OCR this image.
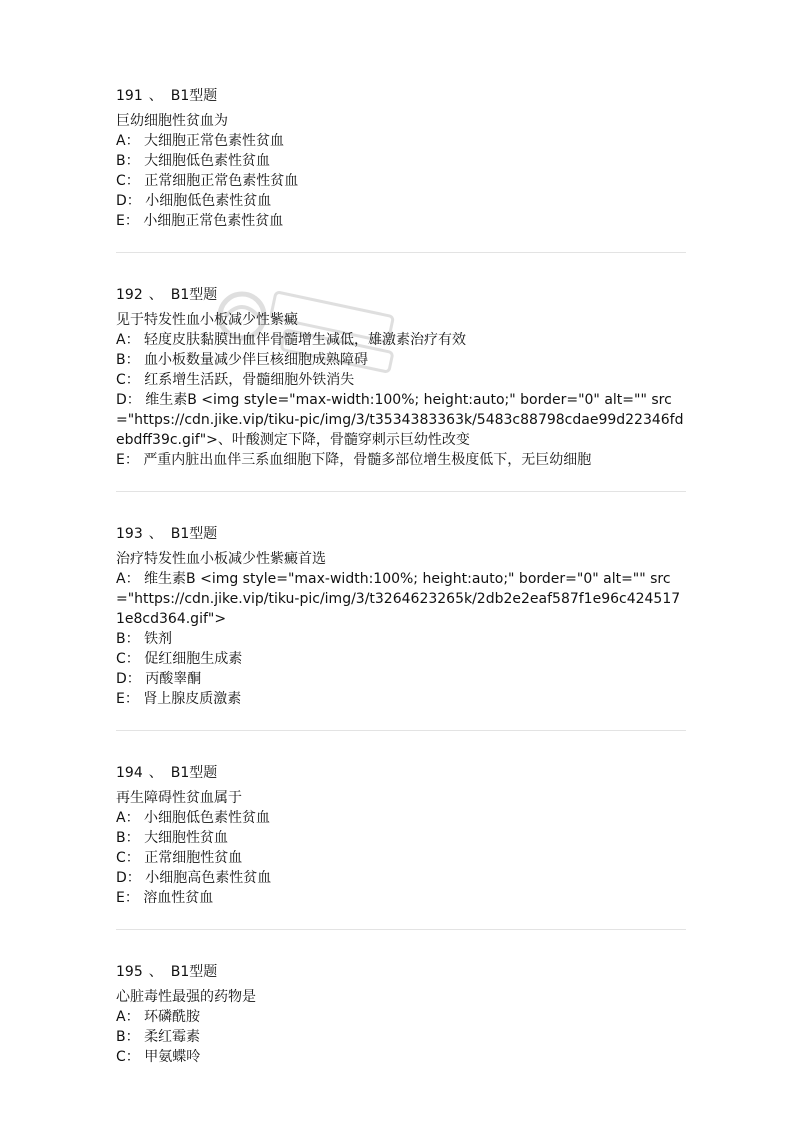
191 、 B1型题
巨幼细胞性贫血为
A： 大细胞正常色素性贫血
B： 大细胞低色素性贫血
C： 正常细胞正常色素性贫血
D： 小细胞低色素性贫血
E： 小细胞正常色素性贫血
192 、 B1型题
见于特发性血小板减少性紫癜
A： 轻度皮肤黏膜出血伴骨髓增生减低，雄激素治疗有效
B： 血小板数量减少伴巨核细胞成熟障碍
C： 红系增生活跃，骨髓细胞外铁消失
D： 维生素B <img style="max-width:100%; height:auto;" border="0" alt="" src="https://cdn.jike.vip/tiku-pic/img/3/t3534383363k/5483c88798cdae99d22346fdebdff39c.gif">、叶酸测定下降，骨髓穿刺示巨幼性改变
E： 严重内脏出血伴三系血细胞下降，骨髓多部位增生极度低下，无巨幼细胞
193 、 B1型题
治疗特发性血小板减少性紫癜首选
A： 维生素B <img style="max-width:100%; height:auto;" border="0" alt="" src="https://cdn.jike.vip/tiku-pic/img/3/t3264623265k/2db2e2eaf587f1e96c4245171e8cd364.gif">
B： 铁剂
C： 促红细胞生成素
D： 丙酸睾酮
E： 肾上腺皮质激素
194 、 B1型题
再生障碍性贫血属于
A： 小细胞低色素性贫血
B： 大细胞性贫血
C： 正常细胞性贫血
D： 小细胞高色素性贫血
E： 溶血性贫血
195 、 B1型题
心脏毒性最强的药物是
A： 环磷酰胺
B： 柔红霉素
C： 甲氨蝶呤
